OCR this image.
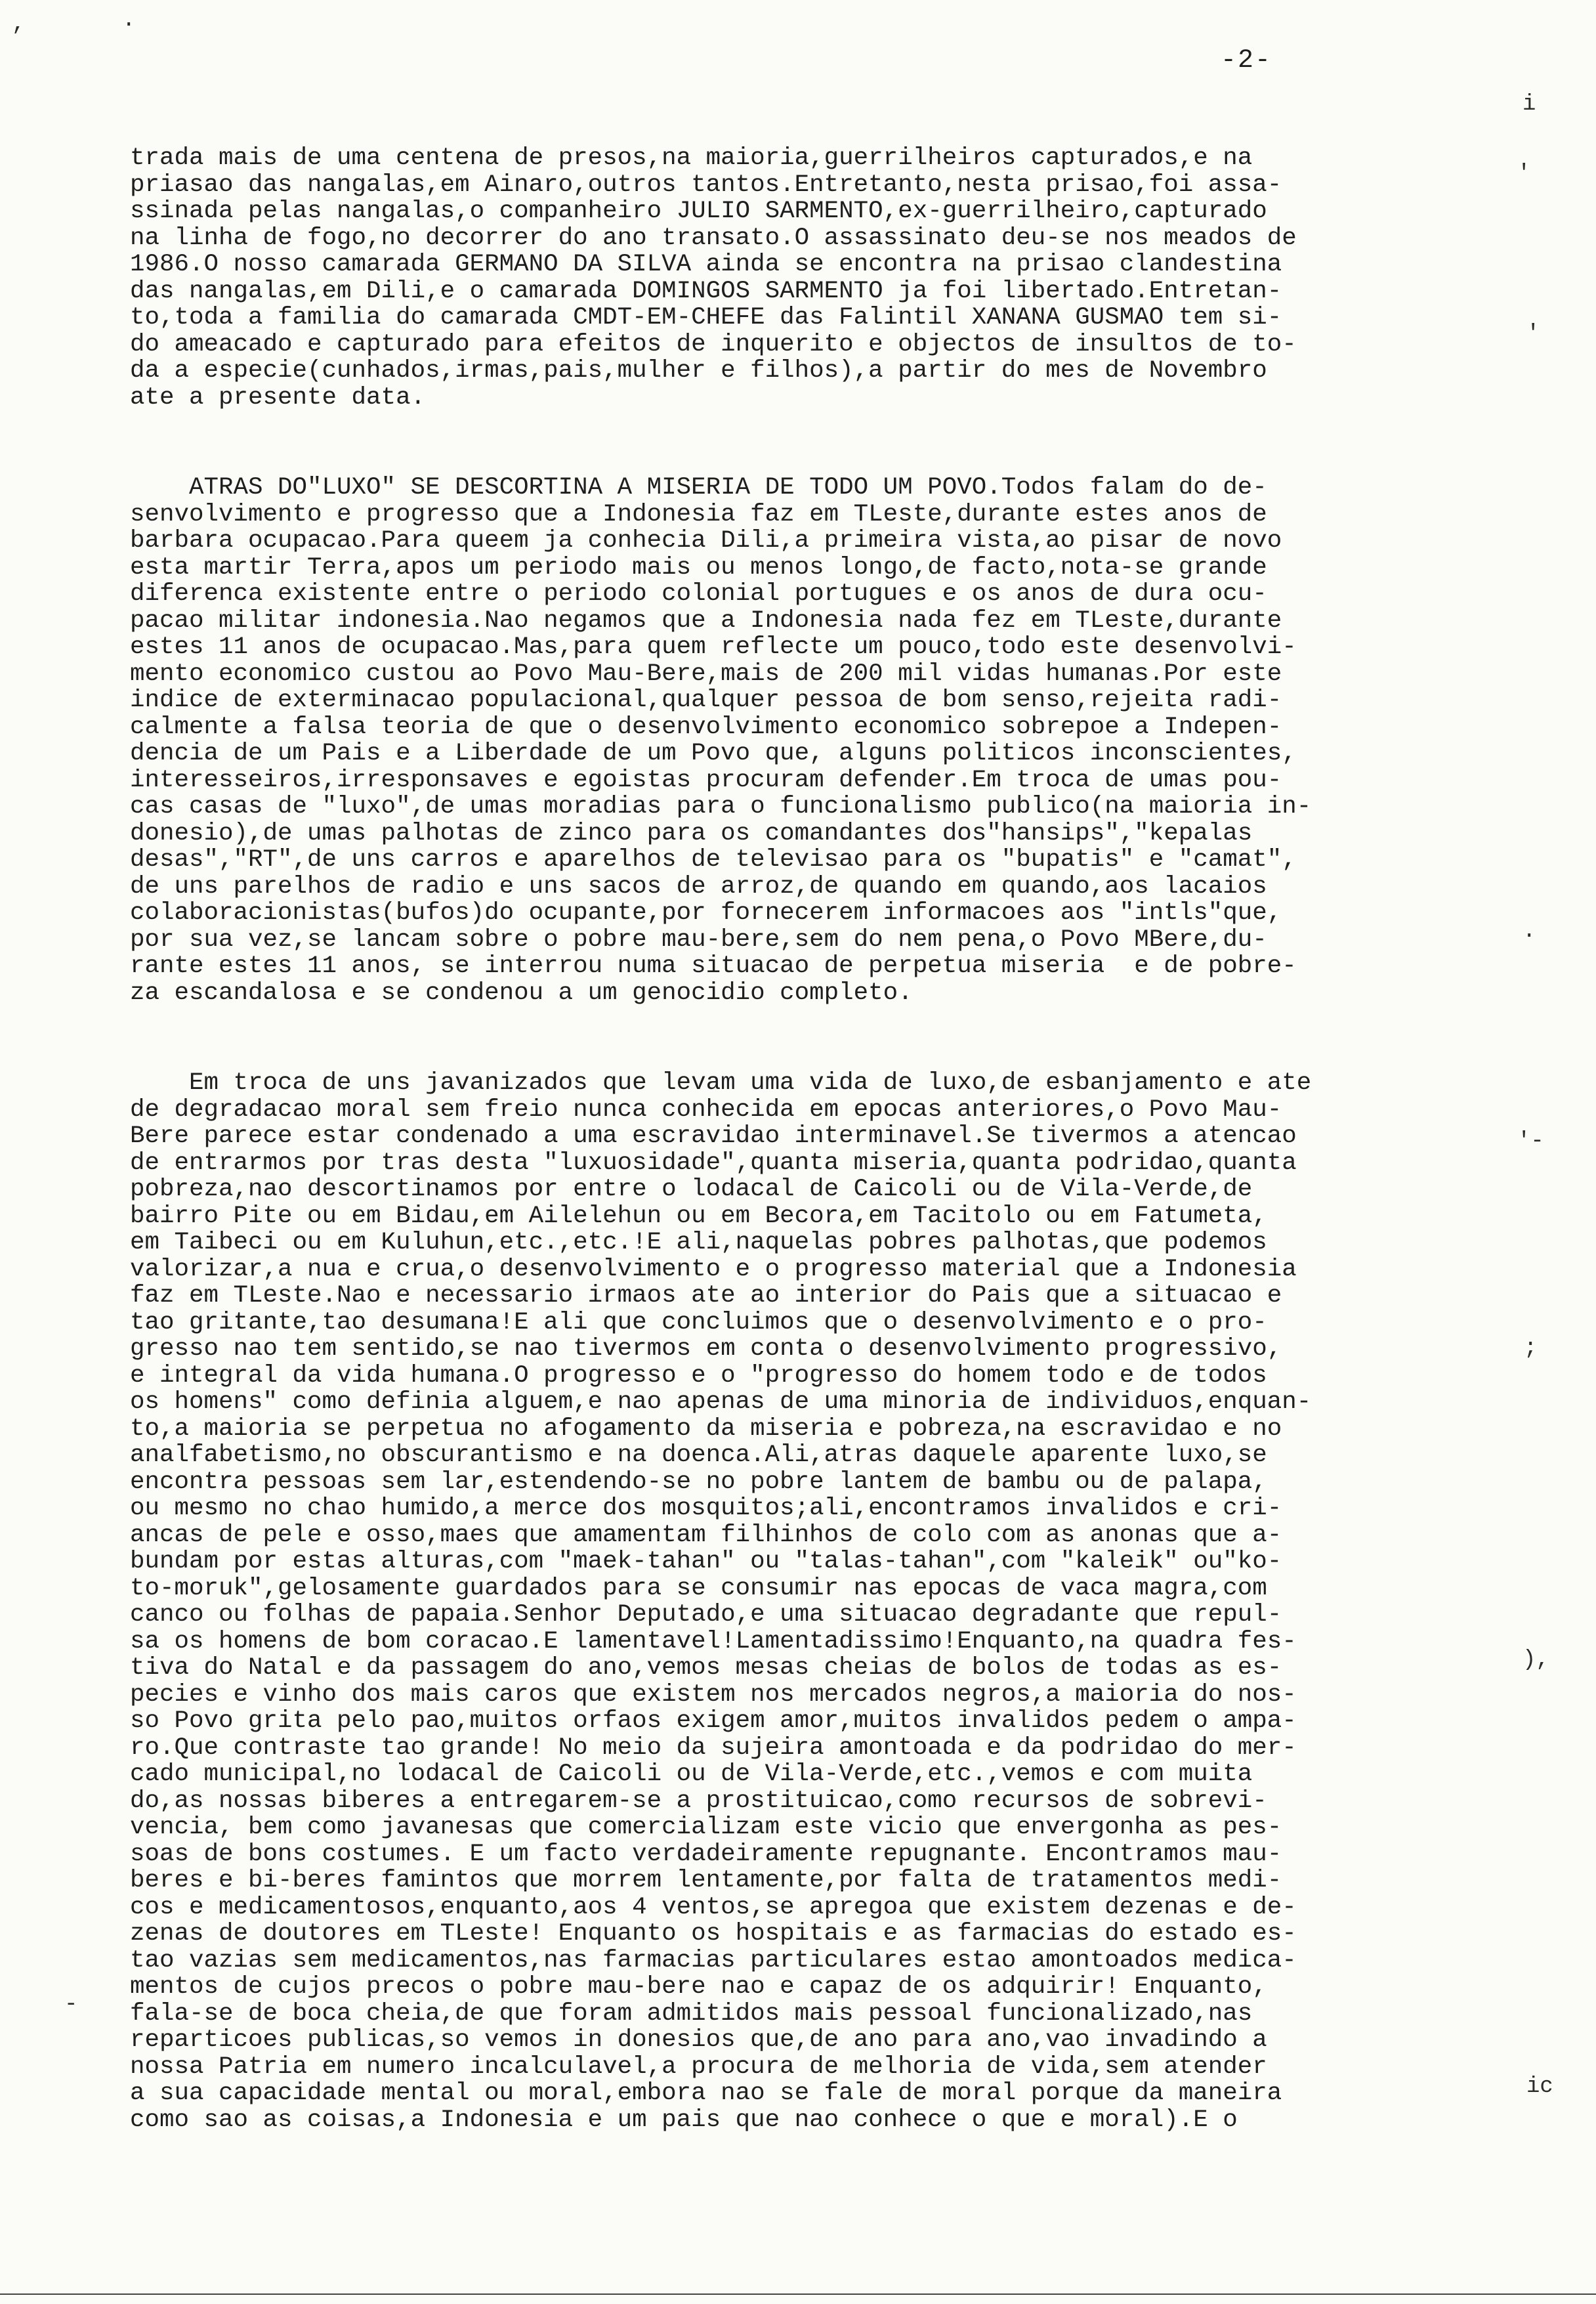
-2-
,	.
i
'
'
.
'-
;
),
-
ic

trada mais de uma centena de presos,na maioria,guerrilheiros capturados,e na
priasao das nangalas,em Ainaro,outros tantos.Entretanto,nesta prisao,foi assa-
ssinada pelas nangalas,o companheiro JULIO SARMENTO,ex-guerrilheiro,capturado
na linha de fogo,no decorrer do ano transato.O assassinato deu-se nos meados de
1986.O nosso camarada GERMANO DA SILVA ainda se encontra na prisao clandestina
das nangalas,em Dili,e o camarada DOMINGOS SARMENTO ja foi libertado.Entretan-
to,toda a familia do camarada CMDT-EM-CHEFE das Falintil XANANA GUSMAO tem si-
do ameacado e capturado para efeitos de inquerito e objectos de insultos de to-
da a especie(cunhados,irmas,pais,mulher e filhos),a partir do mes de Novembro
ate a presente data.

ATRAS DO"LUXO" SE DESCORTINA A MISERIA DE TODO UM POVO.Todos falam do de-
senvolvimento e progresso que a Indonesia faz em TLeste,durante estes anos de
barbara ocupacao.Para queem ja conhecia Dili,a primeira vista,ao pisar de novo
esta martir Terra,apos um periodo mais ou menos longo,de facto,nota-se grande
diferenca existente entre o periodo colonial portugues e os anos de dura ocu-
pacao militar indonesia.Nao negamos que a Indonesia nada fez em TLeste,durante
estes 11 anos de ocupacao.Mas,para quem reflecte um pouco,todo este desenvolvi-
mento economico custou ao Povo Mau-Bere,mais de 200 mil vidas humanas.Por este
indice de exterminacao populacional,qualquer pessoa de bom senso,rejeita radi-
calmente a falsa teoria de que o desenvolvimento economico sobrepoe a Indepen-
dencia de um Pais e a Liberdade de um Povo que, alguns politicos inconscientes,
interesseiros,irresponsaves e egoistas procuram defender.Em troca de umas pou-
cas casas de "luxo",de umas moradias para o funcionalismo publico(na maioria in-
donesio),de umas palhotas de zinco para os comandantes dos"hansips","kepalas
desas","RT",de uns carros e aparelhos de televisao para os "bupatis" e "camat",
de uns parelhos de radio e uns sacos de arroz,de quando em quando,aos lacaios
colaboracionistas(bufos)do ocupante,por fornecerem informacoes aos "intls"que,
por sua vez,se lancam sobre o pobre mau-bere,sem do nem pena,o Povo MBere,du-
rante estes 11 anos, se interrou numa situacao de perpetua miseria  e de pobre-
za escandalosa e se condenou a um genocidio completo.

Em troca de uns javanizados que levam uma vida de luxo,de esbanjamento e ate
de degradacao moral sem freio nunca conhecida em epocas anteriores,o Povo Mau-
Bere parece estar condenado a uma escravidao interminavel.Se tivermos a atencao
de entrarmos por tras desta "luxuosidade",quanta miseria,quanta podridao,quanta
pobreza,nao descortinamos por entre o lodacal de Caicoli ou de Vila-Verde,de
bairro Pite ou em Bidau,em Ailelehun ou em Becora,em Tacitolo ou em Fatumeta,
em Taibeci ou em Kuluhun,etc.,etc.!E ali,naquelas pobres palhotas,que podemos
valorizar,a nua e crua,o desenvolvimento e o progresso material que a Indonesia
faz em TLeste.Nao e necessario irmaos ate ao interior do Pais que a situacao e
tao gritante,tao desumana!E ali que concluimos que o desenvolvimento e o pro-
gresso nao tem sentido,se nao tivermos em conta o desenvolvimento progressivo,
e integral da vida humana.O progresso e o "progresso do homem todo e de todos
os homens" como definia alguem,e nao apenas de uma minoria de individuos,enquan-
to,a maioria se perpetua no afogamento da miseria e pobreza,na escravidao e no
analfabetismo,no obscurantismo e na doenca.Ali,atras daquele aparente luxo,se
encontra pessoas sem lar,estendendo-se no pobre lantem de bambu ou de palapa,
ou mesmo no chao humido,a merce dos mosquitos;ali,encontramos invalidos e cri-
ancas de pele e osso,maes que amamentam filhinhos de colo com as anonas que a-
bundam por estas alturas,com "maek-tahan" ou "talas-tahan",com "kaleik" ou"ko-
to-moruk",gelosamente guardados para se consumir nas epocas de vaca magra,com
canco ou folhas de papaia.Senhor Deputado,e uma situacao degradante que repul-
sa os homens de bom coracao.E lamentavel!Lamentadissimo!Enquanto,na quadra fes-
tiva do Natal e da passagem do ano,vemos mesas cheias de bolos de todas as es-
pecies e vinho dos mais caros que existem nos mercados negros,a maioria do nos-
so Povo grita pelo pao,muitos orfaos exigem amor,muitos invalidos pedem o ampa-
ro.Que contraste tao grande! No meio da sujeira amontoada e da podridao do mer-
cado municipal,no lodacal de Caicoli ou de Vila-Verde,etc.,vemos e com muita
do,as nossas biberes a entregarem-se a prostituicao,como recursos de sobrevi-
vencia, bem como javanesas que comercializam este vicio que envergonha as pes-
soas de bons costumes. E um facto verdadeiramente repugnante. Encontramos mau-
beres e bi-beres famintos que morrem lentamente,por falta de tratamentos medi-
cos e medicamentosos,enquanto,aos 4 ventos,se apregoa que existem dezenas e de-
zenas de doutores em TLeste! Enquanto os hospitais e as farmacias do estado es-
tao vazias sem medicamentos,nas farmacias particulares estao amontoados medica-
mentos de cujos precos o pobre mau-bere nao e capaz de os adquirir! Enquanto,
fala-se de boca cheia,de que foram admitidos mais pessoal funcionalizado,nas
reparticoes publicas,so vemos in donesios que,de ano para ano,vao invadindo a
nossa Patria em numero incalculavel,a procura de melhoria de vida,sem atender
a sua capacidade mental ou moral,embora nao se fale de moral porque da maneira
como sao as coisas,a Indonesia e um pais que nao conhece o que e moral).E o
